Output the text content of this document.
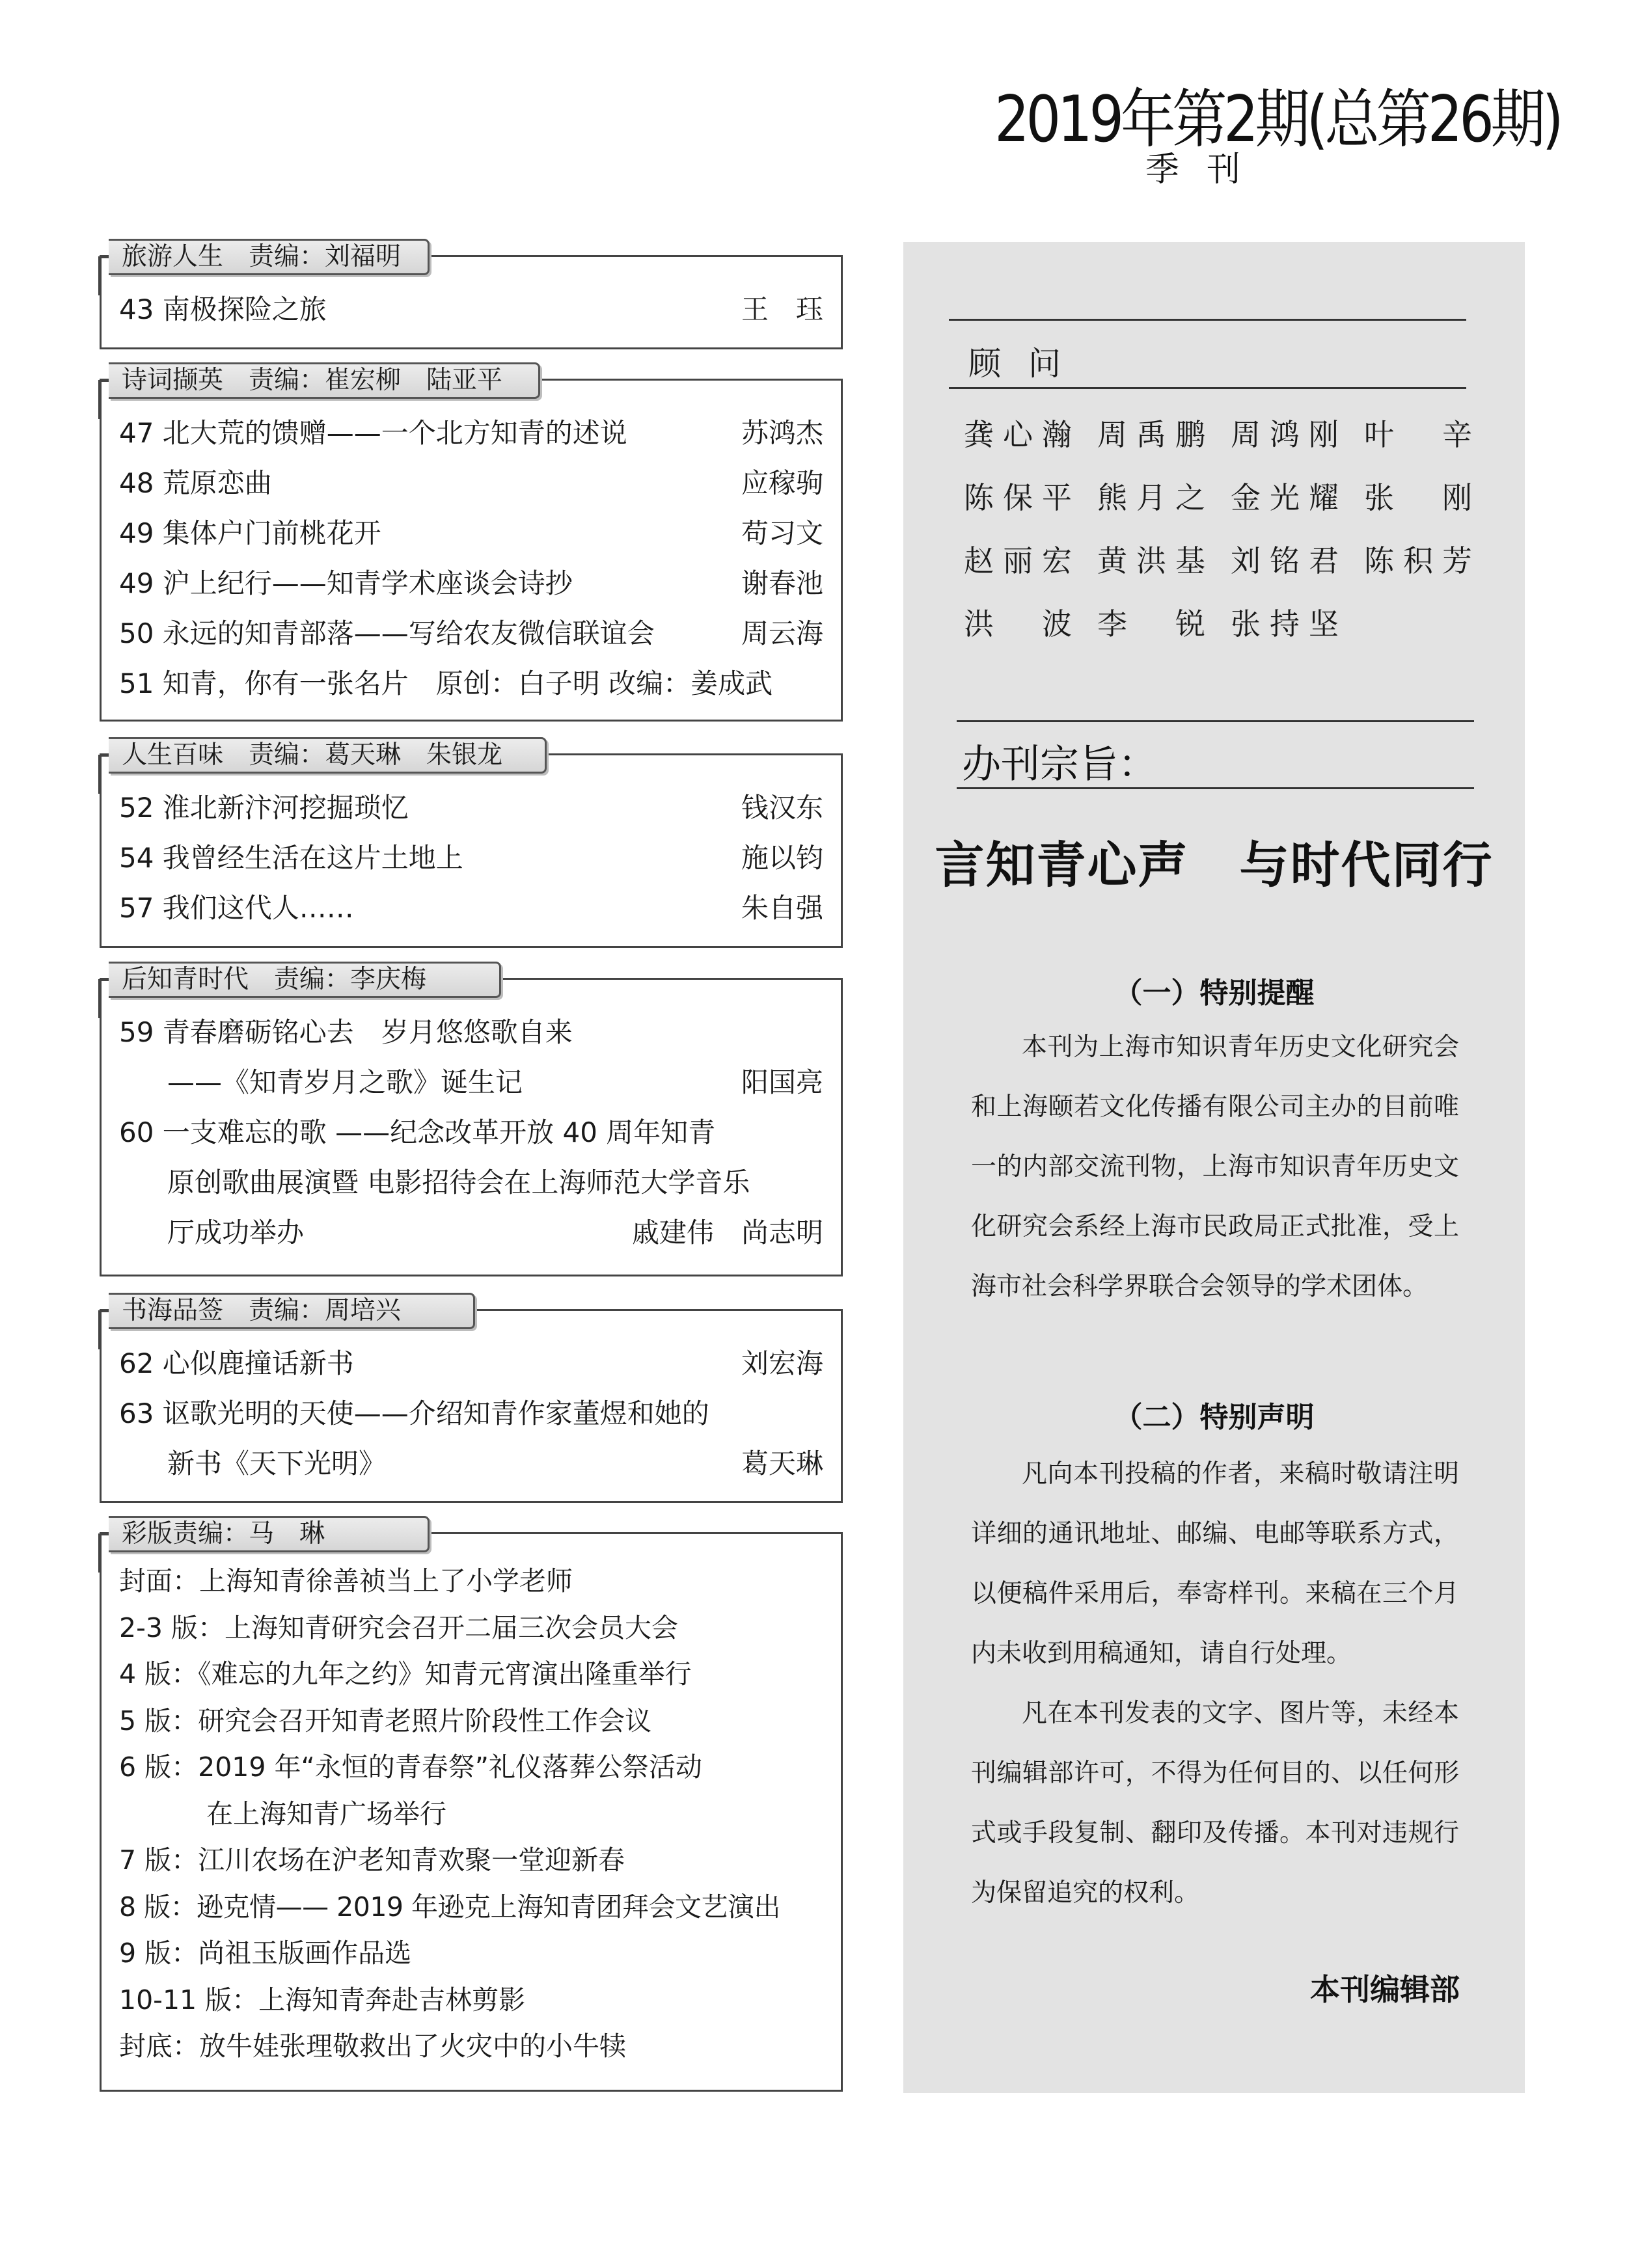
2019年第2期(总第26期)
季刊
旅游人生　责编：刘福明
43 南极探险之旅	王　珏
诗词撷英　责编：崔宏柳　陆亚平
47 北大荒的馈赠——一个北方知青的述说	苏鸿杰
48 荒原恋曲	应稼驹
49 集体户门前桃花开	苟习文
49 沪上纪行——知青学术座谈会诗抄	谢春池
50 永远的知青部落——写给农友微信联谊会	周云海
51 知青，你有一张名片　原创：白子明 改编：姜成武
人生百味　责编：葛天琳　朱银龙
52 淮北新汴河挖掘琐忆	钱汉东
54 我曾经生活在这片土地上	施以钧
57 我们这代人……	朱自强
后知青时代　责编：李庆梅
59 青春磨砺铭心去　岁月悠悠歌自来
——《知青岁月之歌》诞生记	阳国亮
60 一支难忘的歌 ——纪念改革开放 40 周年知青
原创歌曲展演暨 电影招待会在上海师范大学音乐
厅成功举办	戚建伟　尚志明
书海品签　责编：周培兴
62 心似鹿撞话新书	刘宏海
63 讴歌光明的天使——介绍知青作家董煜和她的
新书《天下光明》	葛天琳
彩版责编：马　琳
封面：上海知青徐善祯当上了小学老师
2-3 版：上海知青研究会召开二届三次会员大会
4 版：《难忘的九年之约》知青元宵演出隆重举行
5 版：研究会召开知青老照片阶段性工作会议
6 版：2019 年“永恒的青春祭”礼仪落葬公祭活动
在上海知青广场举行
7 版：江川农场在沪老知青欢聚一堂迎新春
8 版：逊克情—— 2019 年逊克上海知青团拜会文艺演出
9 版：尚祖玉版画作品选
10-11 版：上海知青奔赴吉林剪影
封底：放牛娃张理敬救出了火灾中的小牛犊
顾问
龚心瀚 周禹鹏 周鸿刚 叶　辛
陈保平 熊月之 金光耀 张　刚
赵丽宏 黄洪基 刘铭君 陈积芳
洪　波 李　锐 张持坚
办刊宗旨：
言知青心声　与时代同行
（一）特别提醒
本刊为上海市知识青年历史文化研究会和上海颐若文化传播有限公司主办的目前唯一的内部交流刊物，上海市知识青年历史文化研究会系经上海市民政局正式批准，受上海市社会科学界联合会领导的学术团体。
（二）特别声明
凡向本刊投稿的作者，来稿时敬请注明详细的通讯地址、邮编、电邮等联系方式，以便稿件采用后，奉寄样刊。来稿在三个月内未收到用稿通知，请自行处理。
凡在本刊发表的文字、图片等，未经本刊编辑部许可，不得为任何目的、以任何形式或手段复制、翻印及传播。本刊对违规行为保留追究的权利。
本刊编辑部
